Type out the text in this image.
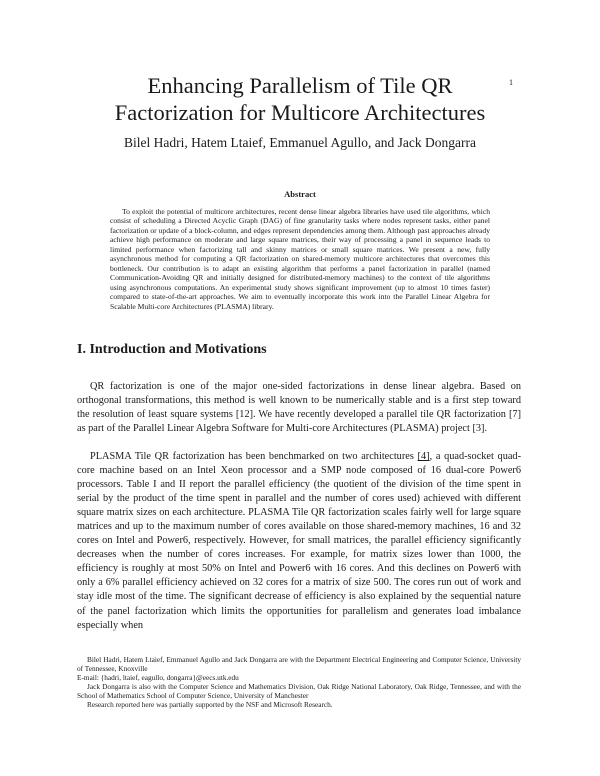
1
Enhancing Parallelism of Tile QR
Factorization for Multicore Architectures
Bilel Hadri, Hatem Ltaief, Emmanuel Agullo, and Jack Dongarra
Abstract

To exploit the potential of multicore architectures, recent dense linear algebra libraries have used tile algorithms, which consist of scheduling a Directed Acyclic Graph (DAG) of fine granularity tasks where nodes represent tasks, either panel factorization or update of a block-column, and edges represent dependencies among them. Although past approaches already achieve high performance on moderate and large square matrices, their way of processing a panel in sequence leads to limited performance when factorizing tall and skinny matrices or small square matrices. We present a new, fully asynchronous method for computing a QR factorization on shared-memory multicore architectures that overcomes this bottleneck. Our contribution is to adapt an existing algorithm that performs a panel factorization in parallel (named Communication-Avoiding QR and initially designed for distributed-memory machines) to the context of tile algorithms using asynchronous computations. An experimental study shows significant improvement (up to almost 10 times faster) compared to state-of-the-art approaches. We aim to eventually incorporate this work into the Parallel Linear Algebra for Scalable Multi-core Architectures (PLASMA) library.

I. Introduction and Motivations

QR factorization is one of the major one-sided factorizations in dense linear algebra. Based on orthogonal transformations, this method is well known to be numerically stable and is a first step toward the resolution of least square systems [12]. We have recently developed a parallel tile QR factorization [7] as part of the Parallel Linear Algebra Software for Multi-core Architectures (PLASMA) project [3].

PLASMA Tile QR factorization has been benchmarked on two architectures [4], a quad-socket quad-core machine based on an Intel Xeon processor and a SMP node composed of 16 dual-core Power6 processors. Table I and II report the parallel efficiency (the quotient of the division of the time spent in serial by the product of the time spent in parallel and the number of cores used) achieved with different square matrix sizes on each architecture. PLASMA Tile QR factorization scales fairly well for large square matrices and up to the maximum number of cores available on those shared-memory machines, 16 and 32 cores on Intel and Power6, respectively. However, for small matrices, the parallel efficiency significantly decreases when the number of cores increases. For example, for matrix sizes lower than 1000, the efficiency is roughly at most 50% on Intel and Power6 with 16 cores. And this declines on Power6 with only a 6% parallel efficiency achieved on 32 cores for a matrix of size 500. The cores run out of work and stay idle most of the time. The significant decrease of efficiency is also explained by the sequential nature of the panel factorization which limits the opportunities for parallelism and generates load imbalance especially when

Bilel Hadri, Hatem Ltaief, Emmanuel Agullo and Jack Dongarra are with the Department Electrical Engineering and Computer Science, University of Tennessee, Knoxville

E-mail: {hadri, ltaief, eagullo, dongarra}@eecs.utk.edu

Jack Dongarra is also with the Computer Science and Mathematics Division, Oak Ridge National Laboratory, Oak Ridge, Tennessee, and with the School of Mathematics School of Computer Science, University of Manchester

Research reported here was partially supported by the NSF and Microsoft Research.
